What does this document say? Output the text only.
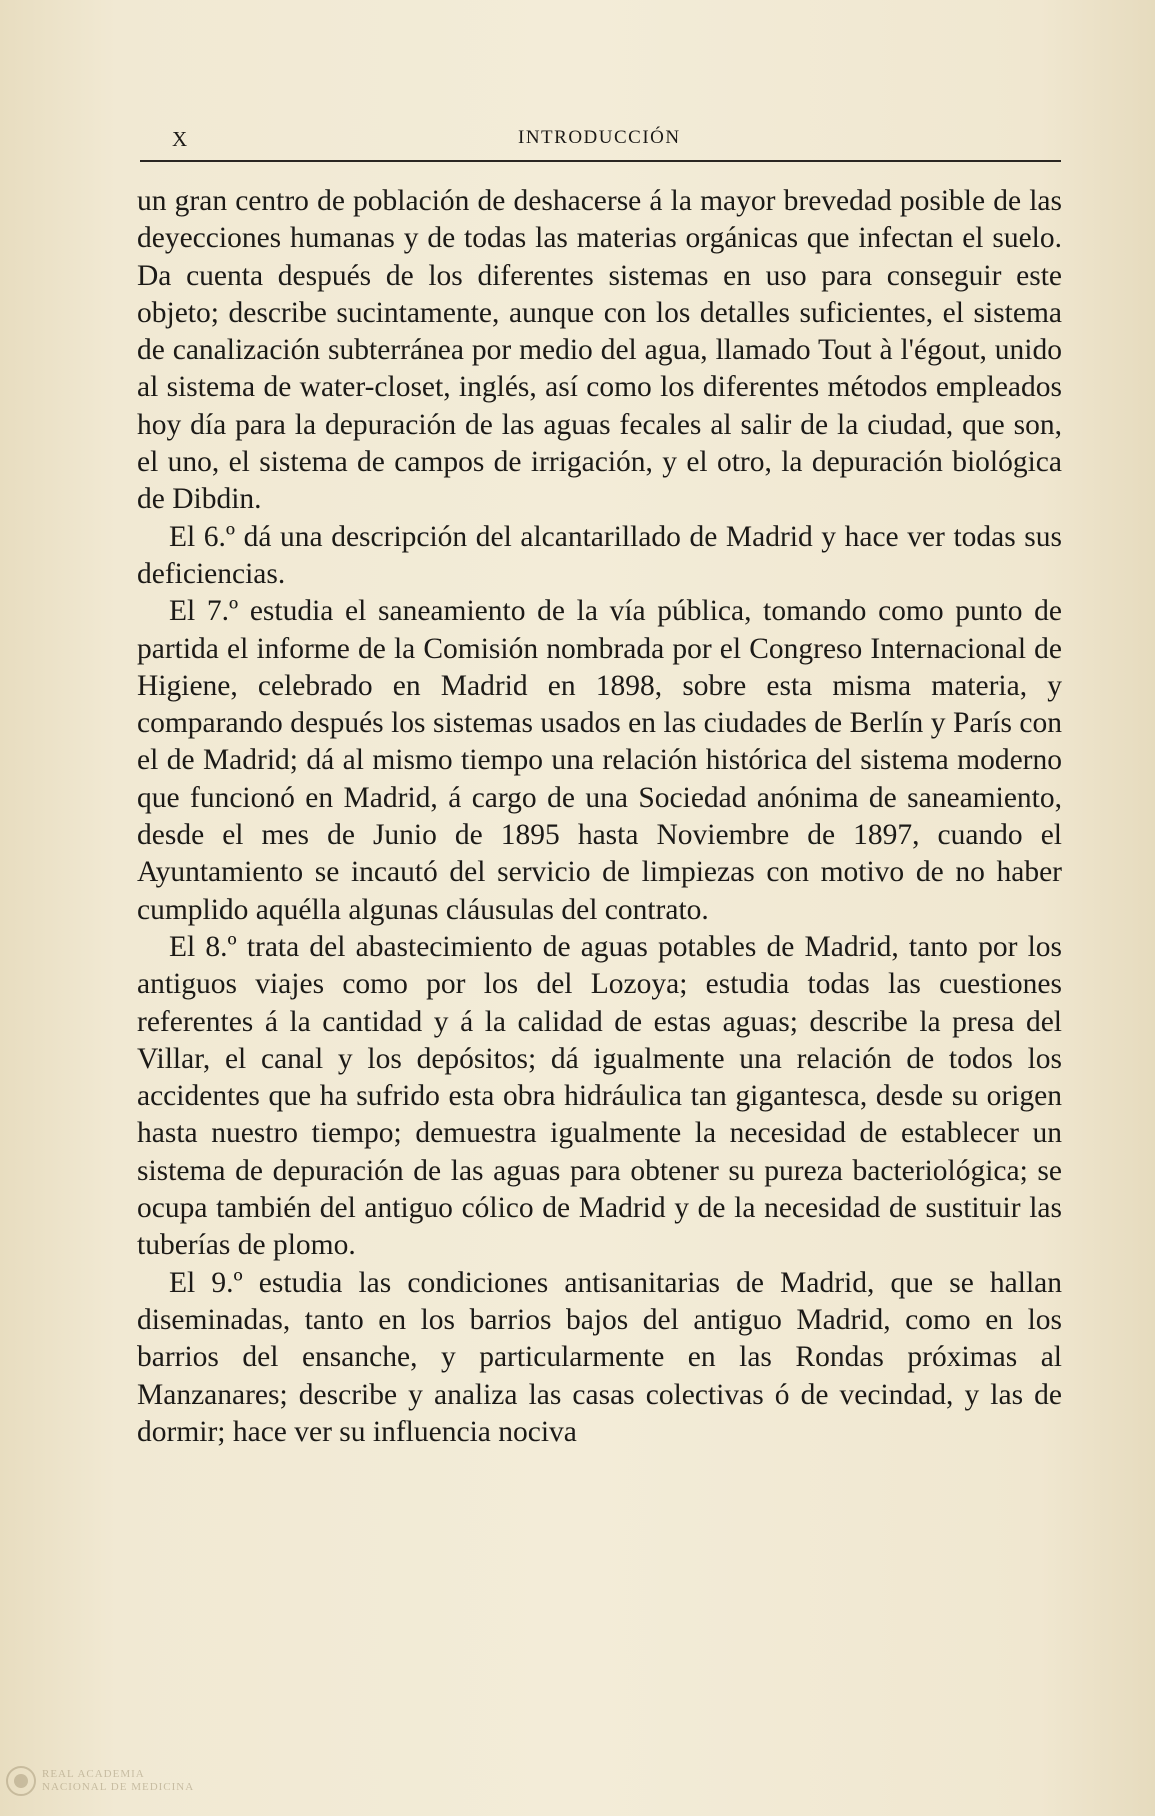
X	INTRODUCCIÓN

un gran centro de población de deshacerse á la mayor brevedad posible de las deyecciones humanas y de todas las materias orgánicas que infectan el suelo. Da cuenta después de los diferentes sistemas en uso para conseguir este objeto; describe sucintamente, aunque con los detalles suficientes, el sistema de canalización subterránea por medio del agua, llamado Tout à l'égout, unido al sistema de water-closet, inglés, así como los diferentes métodos empleados hoy día para la depuración de las aguas fecales al salir de la ciudad, que son, el uno, el sistema de campos de irrigación, y el otro, la depuración biológica de Dibdin.

El 6.º dá una descripción del alcantarillado de Madrid y hace ver todas sus deficiencias.

El 7.º estudia el saneamiento de la vía pública, tomando como punto de partida el informe de la Comisión nombrada por el Congreso Internacional de Higiene, celebrado en Madrid en 1898, sobre esta misma materia, y comparando después los sistemas usados en las ciudades de Berlín y París con el de Madrid; dá al mismo tiempo una relación histórica del sistema moderno que funcionó en Madrid, á cargo de una Sociedad anónima de saneamiento, desde el mes de Junio de 1895 hasta Noviembre de 1897, cuando el Ayuntamiento se incautó del servicio de limpiezas con motivo de no haber cumplido aquélla algunas cláusulas del contrato.

El 8.º trata del abastecimiento de aguas potables de Madrid, tanto por los antiguos viajes como por los del Lozoya; estudia todas las cuestiones referentes á la cantidad y á la calidad de estas aguas; describe la presa del Villar, el canal y los depósitos; dá igualmente una relación de todos los accidentes que ha sufrido esta obra hidráulica tan gigantesca, desde su origen hasta nuestro tiempo; demuestra igualmente la necesidad de establecer un sistema de depuración de las aguas para obtener su pureza bacteriológica; se ocupa también del antiguo cólico de Madrid y de la necesidad de sustituir las tuberías de plomo.

El 9.º estudia las condiciones antisanitarias de Madrid, que se hallan diseminadas, tanto en los barrios bajos del antiguo Madrid, como en los barrios del ensanche, y particularmente en las Rondas próximas al Manzanares; describe y analiza las casas colectivas ó de vecindad, y las de dormir; hace ver su influencia nociva

REAL ACADEMIA
NACIONAL DE MEDICINA
